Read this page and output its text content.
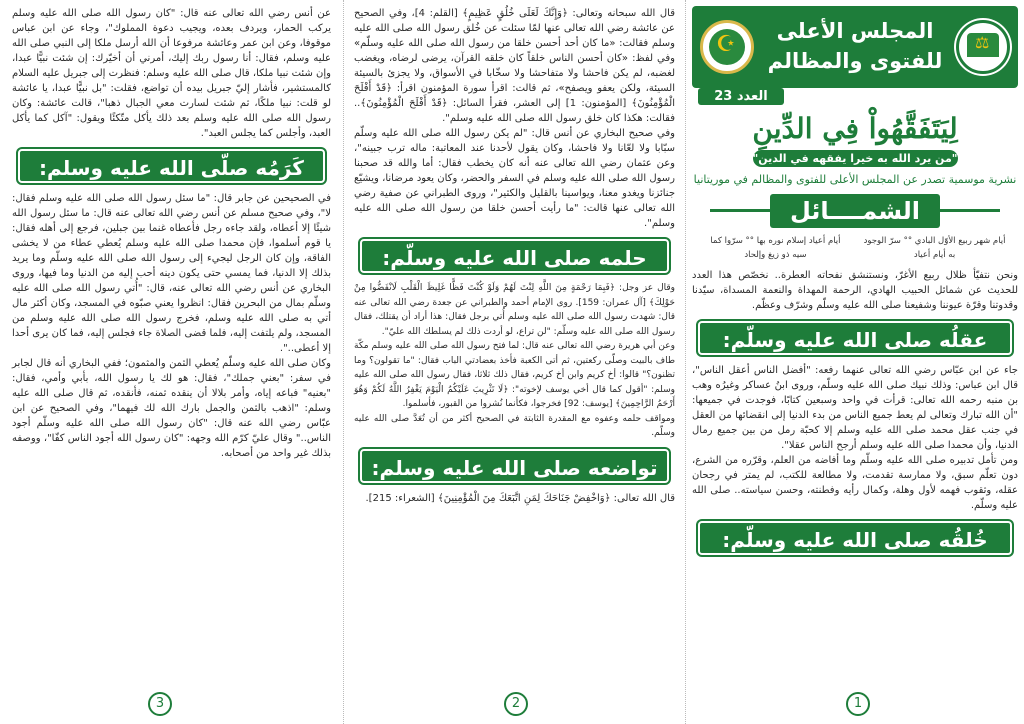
☪
⚖
المجلس الأعلى للفتوى والمظالم
العدد 23
لِيَتَفَقَّهُواْ فِي الدِّينِ
"من يرد الله به خيرا يفقهه في الدين"
نشرية موسمية تصدر عن المجلس الأعلى للفتوى والمظالم في موريتانيا
الشمــــائل
أيام شهر ربيع الأوّل البادي °° سرّ الوجود به أيام أعياد
أيام أعياد إسلام نوره بها °° سرّوا كما سيه ذو زيغ وإلحاد

ونحن نتفيّأ ظلال ربيع الأغرّ، ونستنشق نفحاته العطرة.. نخصّص هذا العدد للحديث عن شمائل الحبيب الهادي، الرحمة المهداة والنعمة المسداة، سيّدنا وقدوتنا وقرّة عيوننا وشفيعنا صلى الله عليه وسلّم وشرّف وعظّم.

عقلُه صلى الله عليه وسلّم:

جاء عن ابن عبّاس رضي الله تعالى عنهما رفعه: "أفضل الناس أعقل الناس"، قال ابن عباس: وذلك نبيك صلى الله عليه وسلّم، وروى ابنُ عساكر وغيرُه وهب بن منبه رحمه الله تعالى: قرأت في واحد وسبعين كتابًا، فوجدت في جميعها: "أن الله تبارك وتعالى لم يعط جميع الناس من بدء الدنيا إلى انقضائها من العقل في جنب عقل محمد صلى الله عليه وسلم إلا كحبّة رمل من بين جميع رمال الدنيا، وأن محمدا صلى الله عليه وسلم أرجح الناس عقلا".

ومن تأمل تدبيره صلى الله عليه وسلّم وما أفاضه من العلم، وقرّره من الشرع، دون تعلّم سبق، ولا ممارسة تقدمت، ولا مطالعة للكتب، لم يمتر في رجحان عقله، وثقوب فهمه لأول وهلة، وكمال رأيه وفطنته، وحسن سياسته.. صلى الله عليه وسلّم.

خُلقُه صلى الله عليه وسلّم:
1

قال الله سبحانه وتعالى: ﴿وَإِنَّكَ لَعَلَى خُلُقٍ عَظِيمٍ﴾ [القلم: 4]، وفي الصحيح عن عائشة رضي الله تعالى عنها لمّا سئلت عن خُلق رسول الله صلى الله عليه وسلم فقالت: «ما كان أحد أحسن خلقا من رسول الله صلى الله عليه وسلّم» وفي لفظ: «كان أحسن الناس خلقاً كان خلقه القرآن، يرضى لرضاه، ويغضب لغضبه، لم يكن فاحشا ولا متفاحشا ولا سخّابا في الأسواق، ولا يجزئ بالسيئة السيئة، ولكن يعفو ويصفح»، ثم قالت: اقرأ سورة المؤمنون اقرأ: ﴿قَدْ أَفْلَحَ الْمُؤْمِنُونَ﴾ [المؤمنون: 1] إلى العشر، فقرأ السائل: ﴿قَدْ أَفْلَحَ الْمُؤْمِنُونَ﴾.. فقالت: هكذا كان خلق رسول الله صلى الله عليه وسلم".

وفي صحيح البخاري عن أنس قال: "لم يكن رسول الله صلى الله عليه وسلّم سبّابا ولا لعّانا ولا فاحشا، وكان يقول لأحدنا عند المعاتبة: ماله ترب جبينه"، وعن عثمان رضي الله تعالى عنه أنه كان يخطب فقال: أما والله قد صحبنا رسول الله صلى الله عليه وسلم في السفر والحضر، وكان يعود مرضانا، ويشيّع جنائزنا ويغدو معنا، ويواسينا بالقليل والكثير"، وروى الطبراني عن صفية رضي الله تعالى عنها قالت: "ما رأيت أحسن خلقا من رسول الله صلى الله عليه وسلم".

حلمه صلى الله عليه وسلّم:

وقال عز وجل: ﴿فَبِمَا رَحْمَةٍ مِنَ اللَّهِ لِنْتَ لَهُمْ وَلَوْ كُنْتَ فَظًّا غَلِيظَ الْقَلْبِ لَانْفَضُّوا مِنْ حَوْلِكَ﴾ [آل عمران: 159]. روى الإمام أحمد والطبراني عن جعدة رضي الله تعالى عنه قال: شهدت رسول الله صلى الله عليه وسلم أُتي برجل فقال: هذا أراد أن يقتلك، فقال رسول الله صلى الله عليه وسلّم: "لن تراع، لو أردت ذلك لم يسلطك الله عليّ".

وعن أبي هريرة رضي الله تعالى عنه قال: لما فتح رسول الله صلى الله عليه وسلم مكّة طاف بالبيت وصلّى ركعتين، ثم أتى الكعبة فأخذ بعضادتي الباب فقال: "ما تقولون؟ وما تظنون؟" قالوا: أخ كريم وابن أخ كريم، فقال ذلك ثلاثا، فقال رسول الله صلى الله عليه وسلم: "أقول كما قال أخي يوسف لإخوته": ﴿لَا تَثْرِيبَ عَلَيْكُمُ الْيَوْمَ يَغْفِرُ اللَّهُ لَكُمْ وَهُوَ أَرْحَمُ الرَّاحِمِينَ﴾ [يوسف: 92] فخرجوا، فكأنما نُشروا من القبور، فأسلموا.

ومواقف حلمه وعفوه مع المقدرة الثابتة في الصحيح أكثر من أن تُعَدَّ صلى الله عليه وسلّم.

تواضعه صلى الله عليه وسلم:

قال الله تعالى: ﴿وَاخْفِضْ جَنَاحَكَ لِمَنِ اتَّبَعَكَ مِنَ الْمُؤْمِنِينَ﴾ [الشعراء: 215].

2

عن أنس رضي الله تعالى عنه قال: "كان رسول الله صلى الله عليه وسلم يركب الحمار، ويردف بعده، ويجيب دعوة المملوك"، وجاء عن ابن عباس موقوفا، وعن ابن عمر وعائشة مرفوعا أن الله أرسل ملكا إلى النبي صلى الله عليه وسلم، فقال: أنا رسول ربك إليك، أمرني أن أخيّرك: إن شئت نبيًّا عبدا، وإن شئت نبيا ملكا، قال صلى الله عليه وسلم: فنظرت إلى جبريل عليه السلام كالمستشير، فأشار إليّ جبريل بيده أن تواضع، فقلت: "بل نبيًّا عبدا، يا عائشة لو قلت: نبيا ملكًا، ثم شئت لسارت معي الجبال ذهبا"، قالت عائشة: وكان رسول الله صلى الله عليه وسلم بعد ذلك يأكل متّكئًا ويقول: "آكل كما يأكل العبد، وأجلس كما يجلس العبد".

كَرَمُه صلّى الله عليه وسلم:

في الصحيحين عن جابر قال: "ما سئل رسول الله صلى الله عليه وسلم فقال: لا"، وفي صحيح مسلم عن أنس رضي الله تعالى عنه قال: ما سئل رسول الله شيئًا إلا أعطاه، ولقد جاءه رجل فأعطاه غنما بين جبلين، فرجع إلى أهله فقال: يا قوم أسلموا، فإن محمدا صلى الله عليه وسلم يُعطي عطاء من لا يخشى الفاقة، وإن كان الرجل ليجيء إلى رسول الله صلى الله عليه وسلّم وما يريد بذلك إلا الدنيا، فما يمسي حتى يكون دينه أحب إليه من الدنيا وما فيها، وروى البخاري عن أنس رضي الله تعالى عنه، قال: "أُتي رسول الله صلى الله عليه وسلّم بمال من البحرين فقال: انظروا يعني صبّوه في المسجد، وكان أكثر مال أتي به صلى الله عليه وسلم، فخرج رسول الله صلى الله عليه وسلم من المسجد، ولم يلتفت إليه، فلما قضى الصلاة جاء فجلس إليه، فما كان يرى أحدا إلا أعطى..".

وكان صلى الله عليه وسلّم يُعطي الثمن والمثمون؛ ففي البخاري أنه قال لجابر في سفر: "بعني جملك"، فقال: هو لك يا رسول الله، بأبي وأمي، فقال: "بعنيه" فباعه إياه، وأمر بلالا أن ينقده ثمنه، فأنقده، ثم قال صلى الله عليه وسلم: "اذهب بالثمن والجمل بارك الله لك فيهما"، وفي الصحيح عن ابن عبّاس رضي الله عنه قال: "كان رسول الله صلى الله عليه وسلّم أجود الناس.." وقال عليّ كرّم الله وجهه: "كان رسول الله أجود الناس كفّا"، ووصفه بذلك غير واحد من أصحابه.

3
